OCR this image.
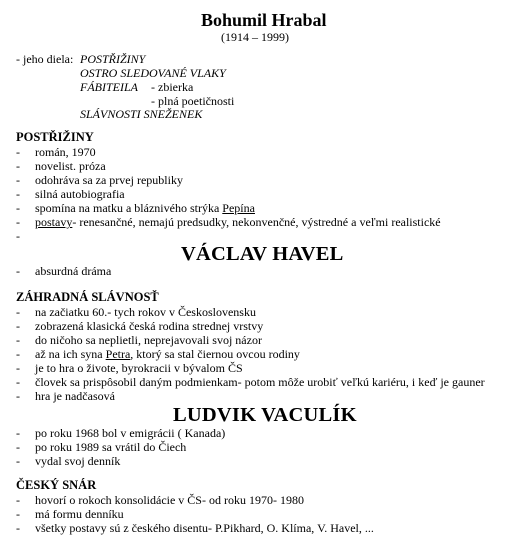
Bohumil Hrabal
(1914 – 1999)
- jeho diela: POSTŘIŽINY
OSTRO SLEDOVANÉ VLAKY
FÁBITEILA - zbierka
- plná poetičnosti
SLÁVNOSTI SNEŽENEK
POSTŘIŽINY
- román, 1970
- novelist. próza
- odohráva sa za prvej republiky
- silná autobiografia
- spomína na matku a bláznivého strýka Pepína
- postavy- renesančné, nemajú predsudky, nekonvenčné, výstredné a veľmi realistické
-
VÁCLAV HAVEL
- absurdná dráma
ZÁHRADNÁ SLÁVNOSŤ
- na začiatku 60.- tych rokov v Československu
- zobrazená klasická česká rodina strednej vrstvy
- do ničoho sa neplietli, neprejavovali svoj názor
- až na ich syna Petra, ktorý sa stal čiernou ovcou rodiny
- je to hra o živote, byrokracii v bývalom ČS
- človek sa prispôsobil daným podmienkam- potom môže urobiť veľkú kariéru, i keď je gauner
- hra je nadčasová
LUDVIK VACULÍK
- po roku 1968 bol v emigrácii ( Kanada)
- po roku 1989 sa vrátil do Čiech
- vydal svoj denník
ČESKÝ SNÁR
- hovorí o rokoch konsolidácie v ČS- od roku 1970- 1980
- má formu denníku
- všetky postavy sú z českého disentu- P.Pikhard, O. Klíma, V. Havel, ...
